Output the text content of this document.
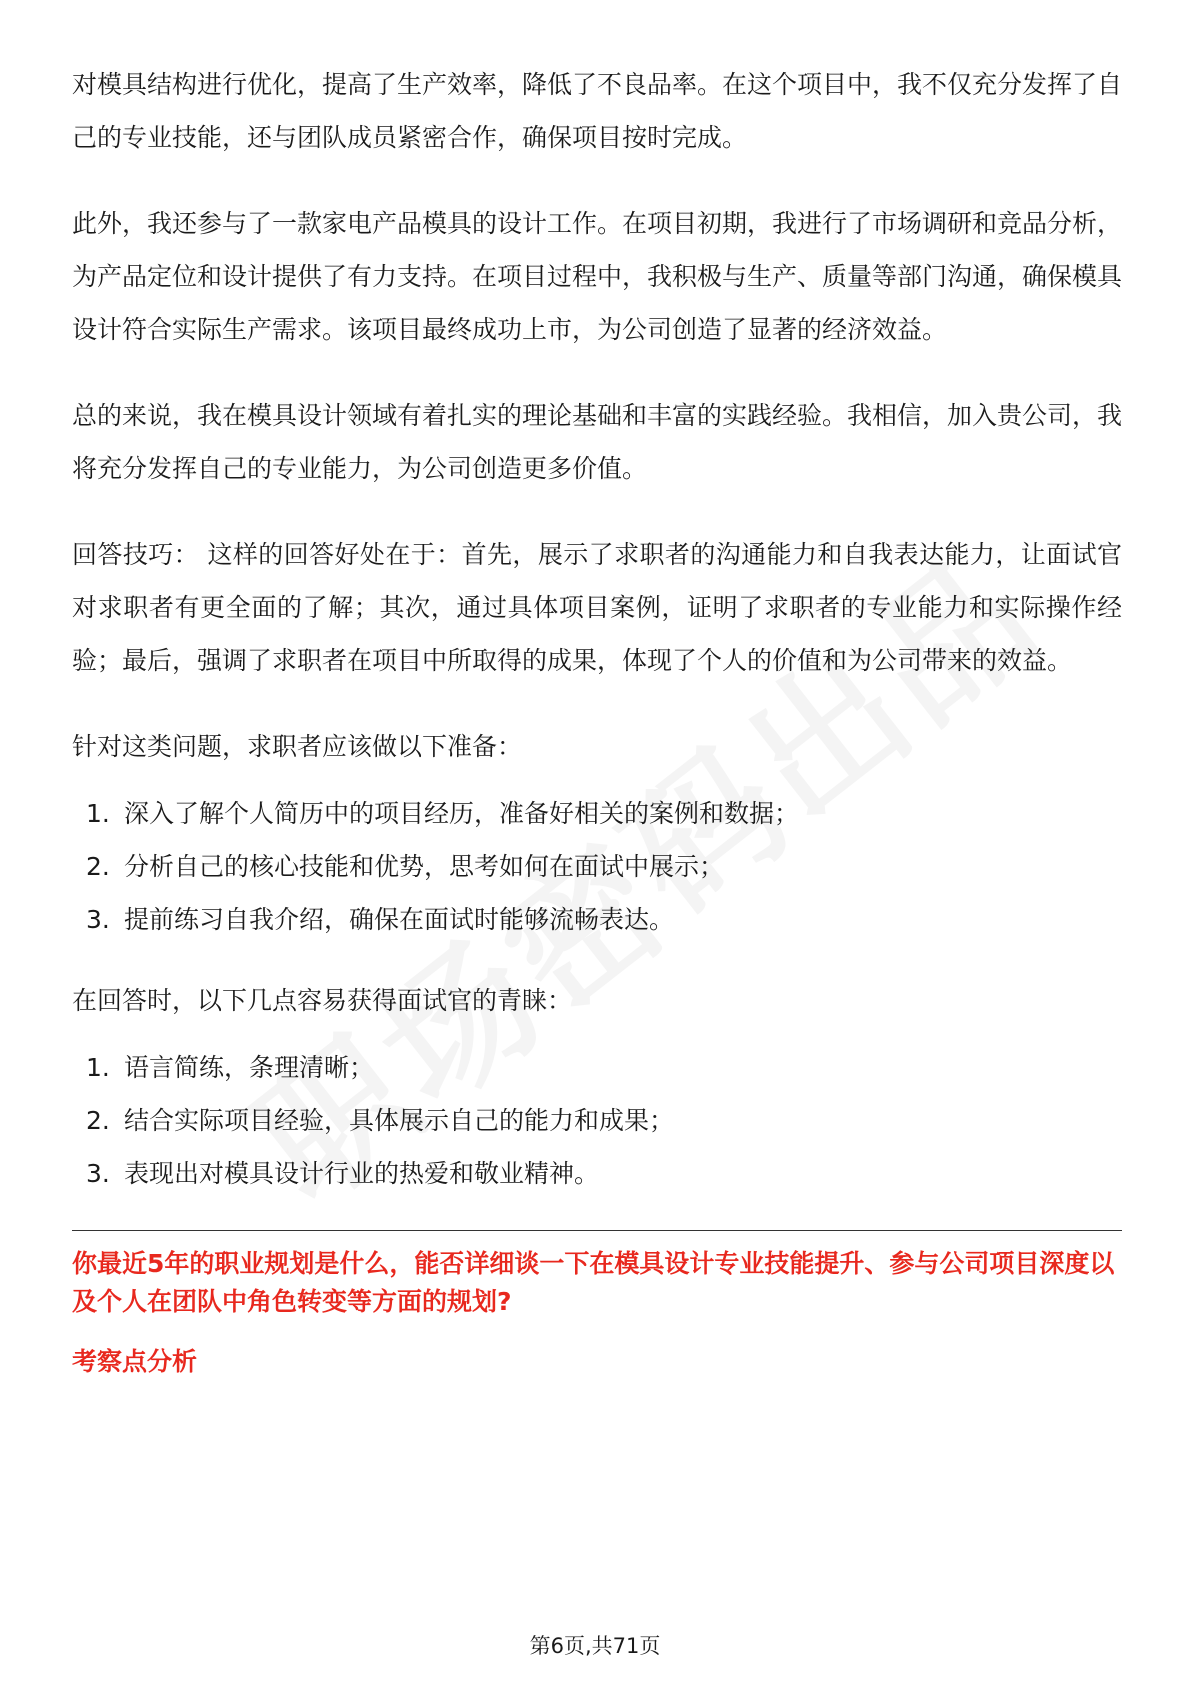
对模具结构进行优化，提高了生产效率，降低了不良品率。在这个项目中，我不仅充分发挥了自己的专业技能，还与团队成员紧密合作，确保项目按时完成。

此外，我还参与了一款家电产品模具的设计工作。在项目初期，我进行了市场调研和竞品分析，为产品定位和设计提供了有力支持。在项目过程中，我积极与生产、质量等部门沟通，确保模具设计符合实际生产需求。该项目最终成功上市，为公司创造了显著的经济效益。

总的来说，我在模具设计领域有着扎实的理论基础和丰富的实践经验。我相信，加入贵公司，我将充分发挥自己的专业能力，为公司创造更多价值。

回答技巧： 这样的回答好处在于：首先，展示了求职者的沟通能力和自我表达能力，让面试官对求职者有更全面的了解；其次，通过具体项目案例，证明了求职者的专业能力和实际操作经验；最后，强调了求职者在项目中所取得的成果，体现了个人的价值和为公司带来的效益。

针对这类问题，求职者应该做以下准备：

1. 深入了解个人简历中的项目经历，准备好相关的案例和数据；
2. 分析自己的核心技能和优势，思考如何在面试中展示；
3. 提前练习自我介绍，确保在面试时能够流畅表达。

在回答时，以下几点容易获得面试官的青睐：

1. 语言简练，条理清晰；
2. 结合实际项目经验，具体展示自己的能力和成果；
3. 表现出对模具设计行业的热爱和敬业精神。

你最近5年的职业规划是什么，能否详细谈一下在模具设计专业技能提升、参与公司项目深度以及个人在团队中角色转变等方面的规划?

考察点分析

第6页,共71页
